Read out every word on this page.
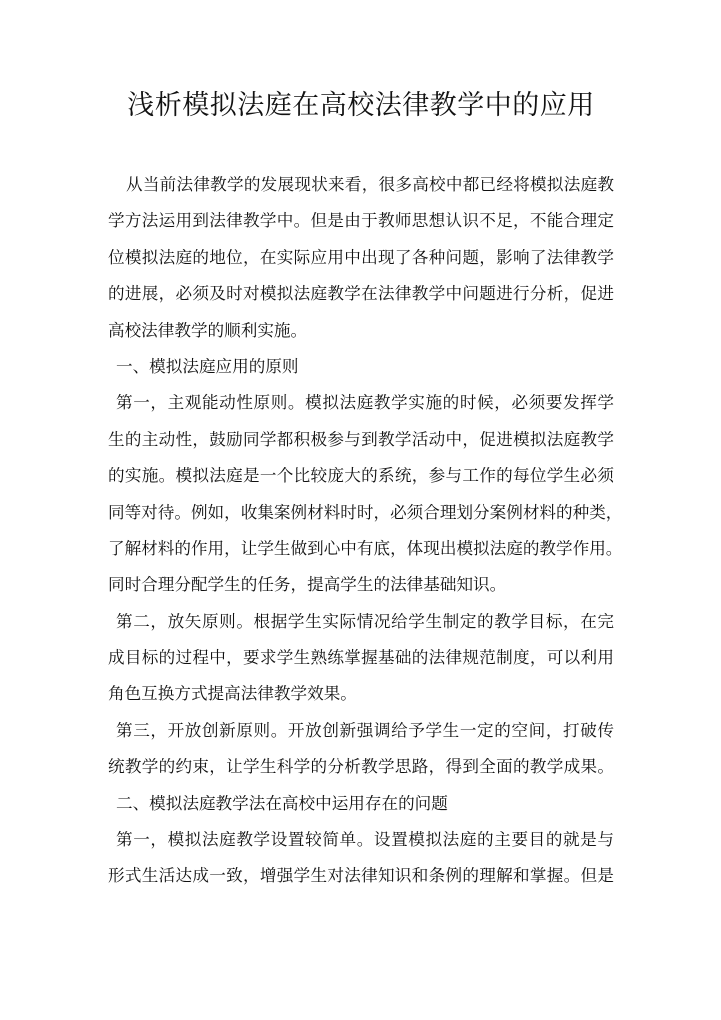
浅析模拟法庭在高校法律教学中的应用
从当前法律教学的发展现状来看，很多高校中都已经将模拟法庭教
学方法运用到法律教学中。但是由于教师思想认识不足，不能合理定
位模拟法庭的地位，在实际应用中出现了各种问题，影响了法律教学
的进展，必须及时对模拟法庭教学在法律教学中问题进行分析，促进
高校法律教学的顺利实施。
一、模拟法庭应用的原则
第一，主观能动性原则。模拟法庭教学实施的时候，必须要发挥学
生的主动性，鼓励同学都积极参与到教学活动中，促进模拟法庭教学
的实施。模拟法庭是一个比较庞大的系统，参与工作的每位学生必须
同等对待。例如，收集案例材料时时，必须合理划分案例材料的种类，
了解材料的作用，让学生做到心中有底，体现出模拟法庭的教学作用。
同时合理分配学生的任务，提高学生的法律基础知识。
第二，放矢原则。根据学生实际情况给学生制定的教学目标，在完
成目标的过程中，要求学生熟练掌握基础的法律规范制度，可以利用
角色互换方式提高法律教学效果。
第三，开放创新原则。开放创新强调给予学生一定的空间，打破传
统教学的约束，让学生科学的分析教学思路，得到全面的教学成果。
二、模拟法庭教学法在高校中运用存在的问题
第一，模拟法庭教学设置较简单。设置模拟法庭的主要目的就是与
形式生活达成一致，增强学生对法律知识和条例的理解和掌握。但是
